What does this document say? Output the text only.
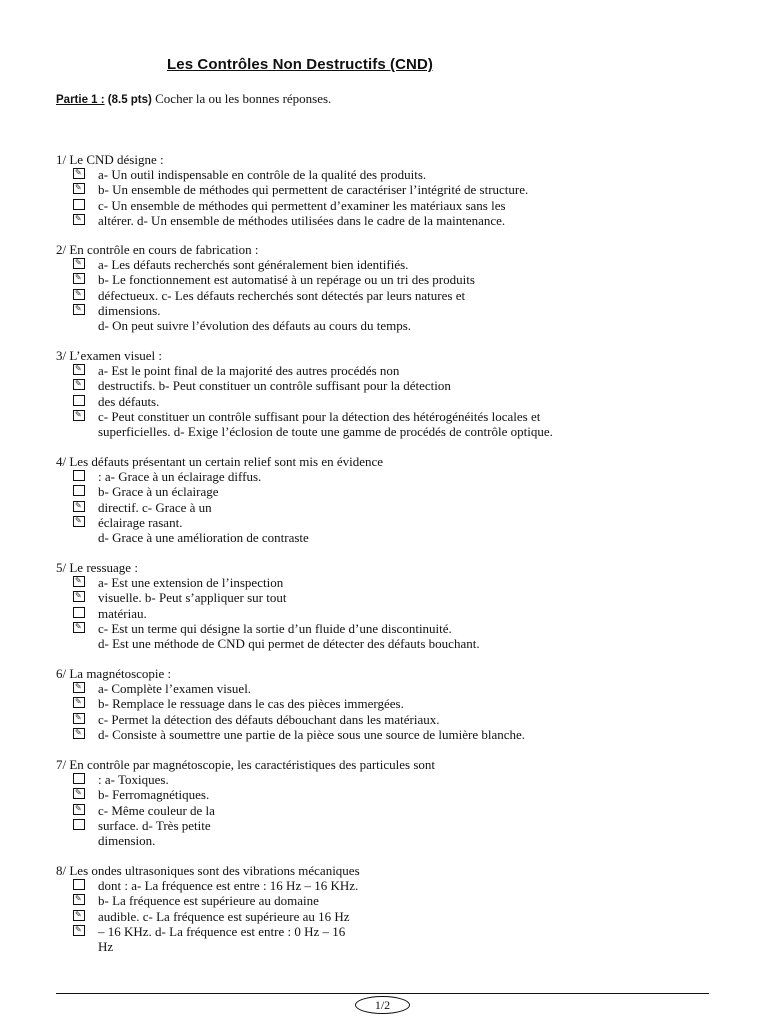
Les Contrôles Non Destructifs (CND)
Partie 1 : (8.5 pts) Cocher la ou les bonnes réponses.
1/ Le CND désigne :
✎ a- Un outil indispensable en contrôle de la qualité des produits.
✎ b- Un ensemble de méthodes qui permettent de caractériser l’intégrité de structure.
c- Un ensemble de méthodes qui permettent d’examiner les matériaux sans les
✎ altérer. d- Un ensemble de méthodes utilisées dans le cadre de la maintenance.
2/ En contrôle en cours de fabrication :
✎ a- Les défauts recherchés sont généralement bien identifiés.
✎ b- Le fonctionnement est automatisé à un repérage ou un tri des produits
✎ défectueux. c- Les défauts recherchés sont détectés par leurs natures et
✎ dimensions.
d- On peut suivre l’évolution des défauts au cours du temps.
3/ L’examen visuel :
✎ a- Est le point final de la majorité des autres procédés non
✎ destructifs. b- Peut constituer un contrôle suffisant pour la détection
des défauts.
✎ c- Peut constituer un contrôle suffisant pour la détection des hétérogénéités locales et
superficielles. d- Exige l’éclosion de toute une gamme de procédés de contrôle optique.
4/ Les défauts présentant un certain relief sont mis en évidence
: a- Grace à un éclairage diffus.
b- Grace à un éclairage
✎ directif. c- Grace à un
✎ éclairage rasant.
d- Grace à une amélioration de contraste
5/ Le ressuage :
✎ a- Est une extension de l’inspection
✎ visuelle. b- Peut s’appliquer sur tout
matériau.
✎ c- Est un terme qui désigne la sortie d’un fluide d’une discontinuité.
d- Est une méthode de CND qui permet de détecter des défauts bouchant.
6/ La magnétoscopie :
✎ a- Complète l’examen visuel.
✎ b- Remplace le ressuage dans le cas des pièces immergées.
✎ c- Permet la détection des défauts débouchant dans les matériaux.
✎ d- Consiste à soumettre une partie de la pièce sous une source de lumière blanche.
7/ En contrôle par magnétoscopie, les caractéristiques des particules sont
: a- Toxiques.
✎ b- Ferromagnétiques.
✎ c- Même couleur de la
surface. d- Très petite
dimension.
8/ Les ondes ultrasoniques sont des vibrations mécaniques
dont : a- La fréquence est entre : 16 Hz – 16 KHz.
✎ b- La fréquence est supérieure au domaine
✎ audible. c- La fréquence est supérieure au 16 Hz
✎ – 16 KHz. d- La fréquence est entre : 0 Hz – 16
Hz
1/2
